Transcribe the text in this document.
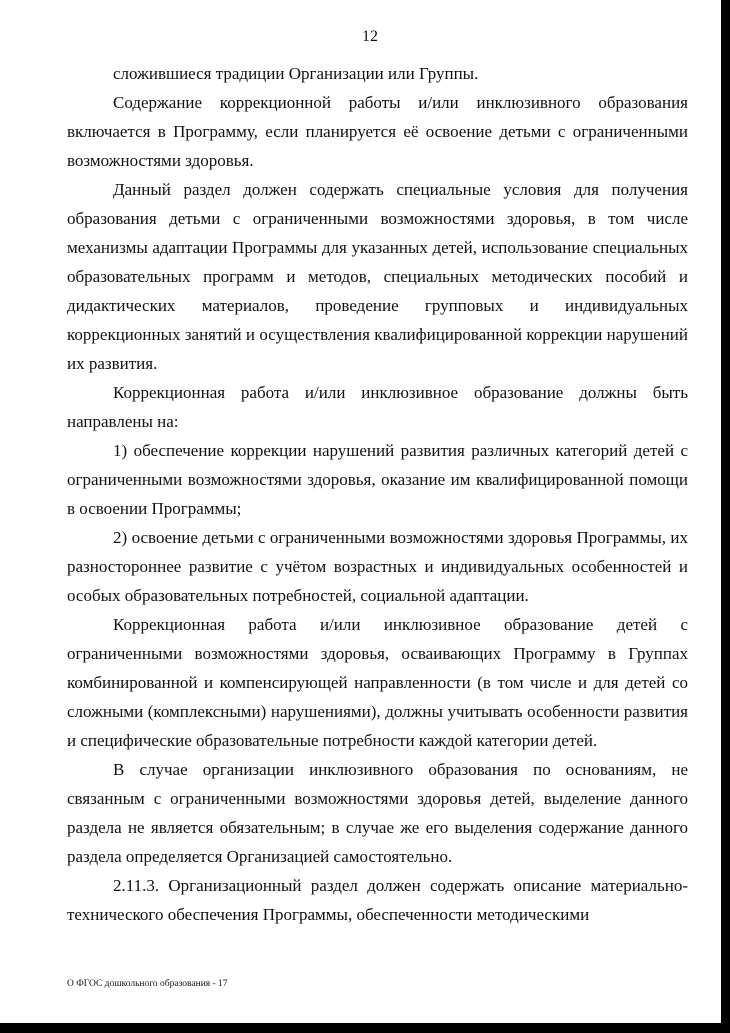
12

сложившиеся традиции Организации или Группы.

Содержание коррекционной работы и/или инклюзивного образования включается в Программу, если планируется её освоение детьми с ограниченными возможностями здоровья.

Данный раздел должен содержать специальные условия для получения образования детьми с ограниченными возможностями здоровья, в том числе механизмы адаптации Программы для указанных детей, использование специальных образовательных программ и методов, специальных методических пособий и дидактических материалов, проведение групповых и индивидуальных коррекционных занятий и осуществления квалифицированной коррекции нарушений их развития.

Коррекционная работа и/или инклюзивное образование должны быть направлены на:

1) обеспечение коррекции нарушений развития различных категорий детей с ограниченными возможностями здоровья, оказание им квалифицированной помощи в освоении Программы;

2) освоение детьми с ограниченными возможностями здоровья Программы, их разностороннее развитие с учётом возрастных и индивидуальных особенностей и особых образовательных потребностей, социальной адаптации.

Коррекционная работа и/или инклюзивное образование детей с ограниченными возможностями здоровья, осваивающих Программу в Группах комбинированной и компенсирующей направленности (в том числе и для детей со сложными (комплексными) нарушениями), должны учитывать особенности развития и специфические образовательные потребности каждой категории детей.

В случае организации инклюзивного образования по основаниям, не связанным с ограниченными возможностями здоровья детей, выделение данного раздела не является обязательным; в случае же его выделения содержание данного раздела определяется Организацией самостоятельно.

2.11.3. Организационный раздел должен содержать описание материально-технического обеспечения Программы, обеспеченности методическими

О ФГОС дошкольного образования - 17
